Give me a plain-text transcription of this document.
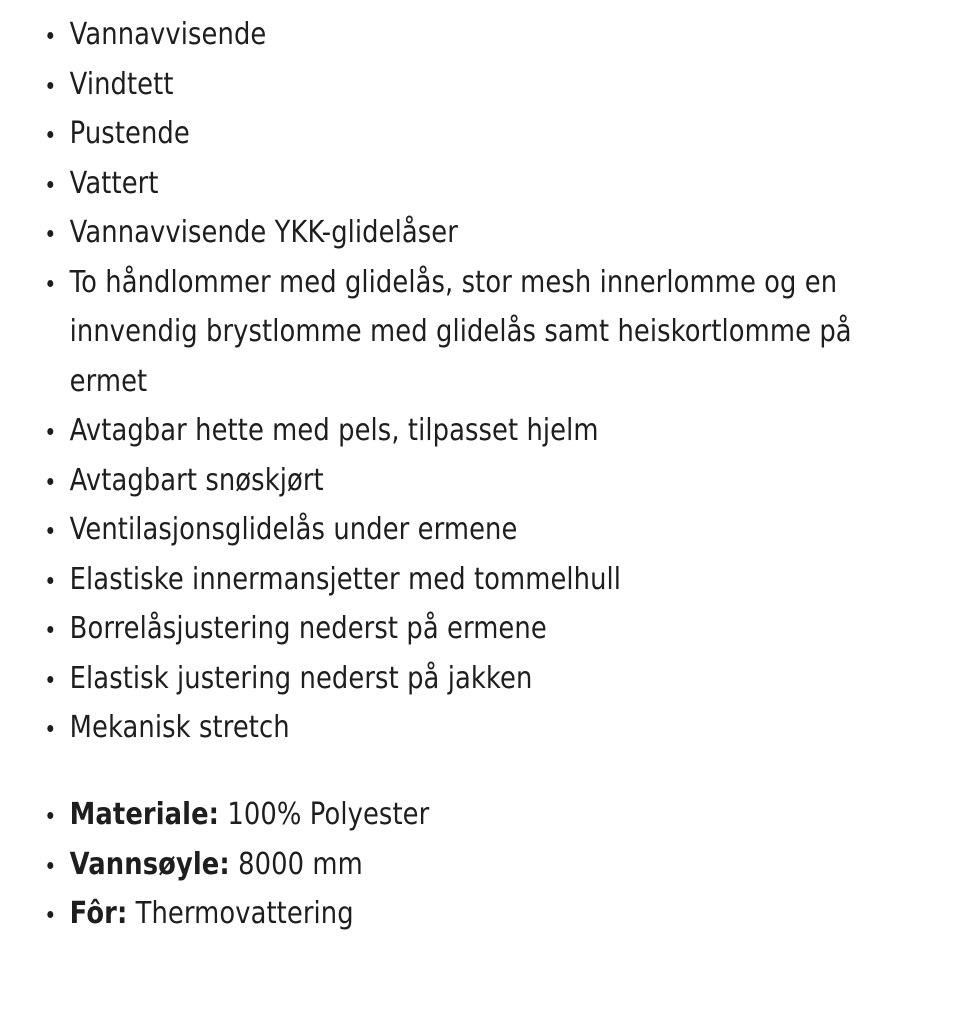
Vannavvisende
Vindtett
Pustende
Vattert
Vannavvisende YKK-glidelåser
To håndlommer med glidelås, stor mesh innerlomme og en innvendig brystlomme med glidelås samt heiskortlomme på ermet
Avtagbar hette med pels, tilpasset hjelm
Avtagbart snøskjørt
Ventilasjonsglidelås under ermene
Elastiske innermansjetter med tommelhull
Borrelåsjustering nederst på ermene
Elastisk justering nederst på jakken
Mekanisk stretch
Materiale: 100% Polyester
Vannsøyle: 8000 mm
Fôr: Thermovattering
